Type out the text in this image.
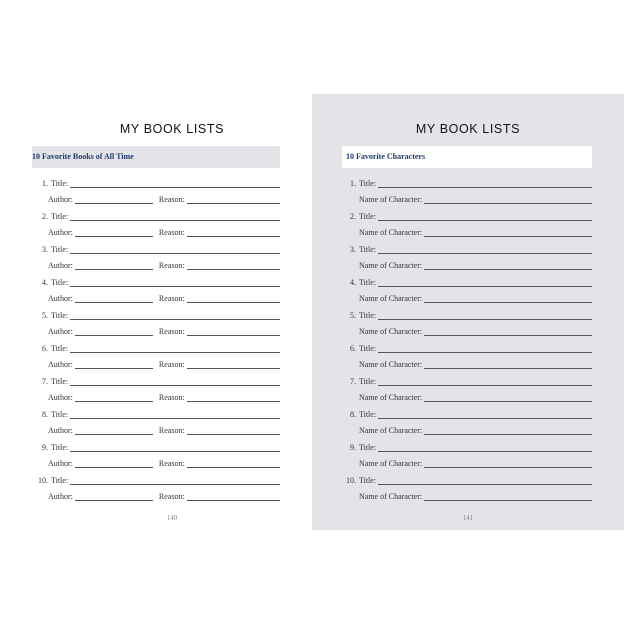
MY BOOK LISTS
10 Favorite Books of All Time
1. Title:
Author:	Reason:
2. Title:
Author:	Reason:
3. Title:
Author:	Reason:
4. Title:
Author:	Reason:
5. Title:
Author:	Reason:
6. Title:
Author:	Reason:
7. Title:
Author:	Reason:
8. Title:
Author:	Reason:
9. Title:
Author:	Reason:
10. Title:
Author:	Reason:
140
MY BOOK LISTS
10 Favorite Characters
1. Title:
Name of Character:
2. Title:
Name of Character:
3. Title:
Name of Character:
4. Title:
Name of Character:
5. Title:
Name of Character:
6. Title:
Name of Character:
7. Title:
Name of Character:
8. Title:
Name of Character:
9. Title:
Name of Character:
10. Title:
Name of Character:
141
